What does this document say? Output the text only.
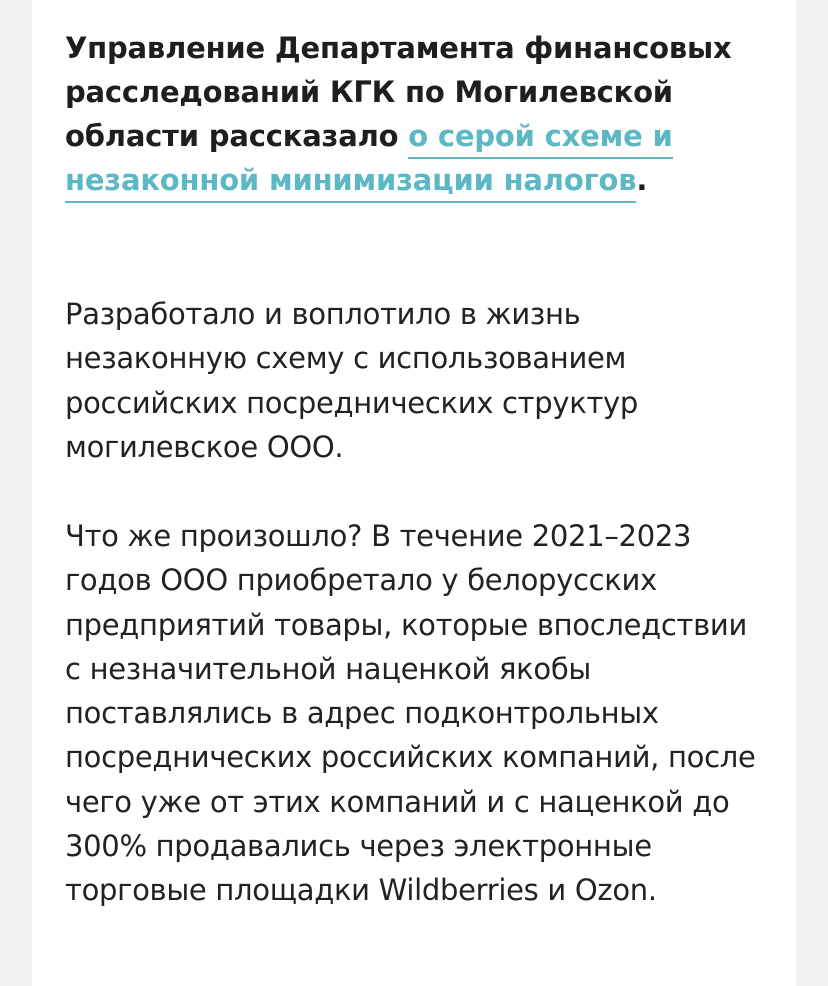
Управление Департамента финансовых расследований КГК по Могилевской области рассказало о серой схеме и незаконной минимизации налогов.

Разработало и воплотило в жизнь незаконную схему с использованием российских посреднических структур могилевское ООО.

Что же произошло? В течение 2021–2023 годов ООО приобретало у белорусских предприятий товары, которые впоследствии с незначительной наценкой якобы поставлялись в адрес подконтрольных посреднических российских компаний, после чего уже от этих компаний и с наценкой до 300% продавались через электронные торговые площадки Wildberries и Ozon.
